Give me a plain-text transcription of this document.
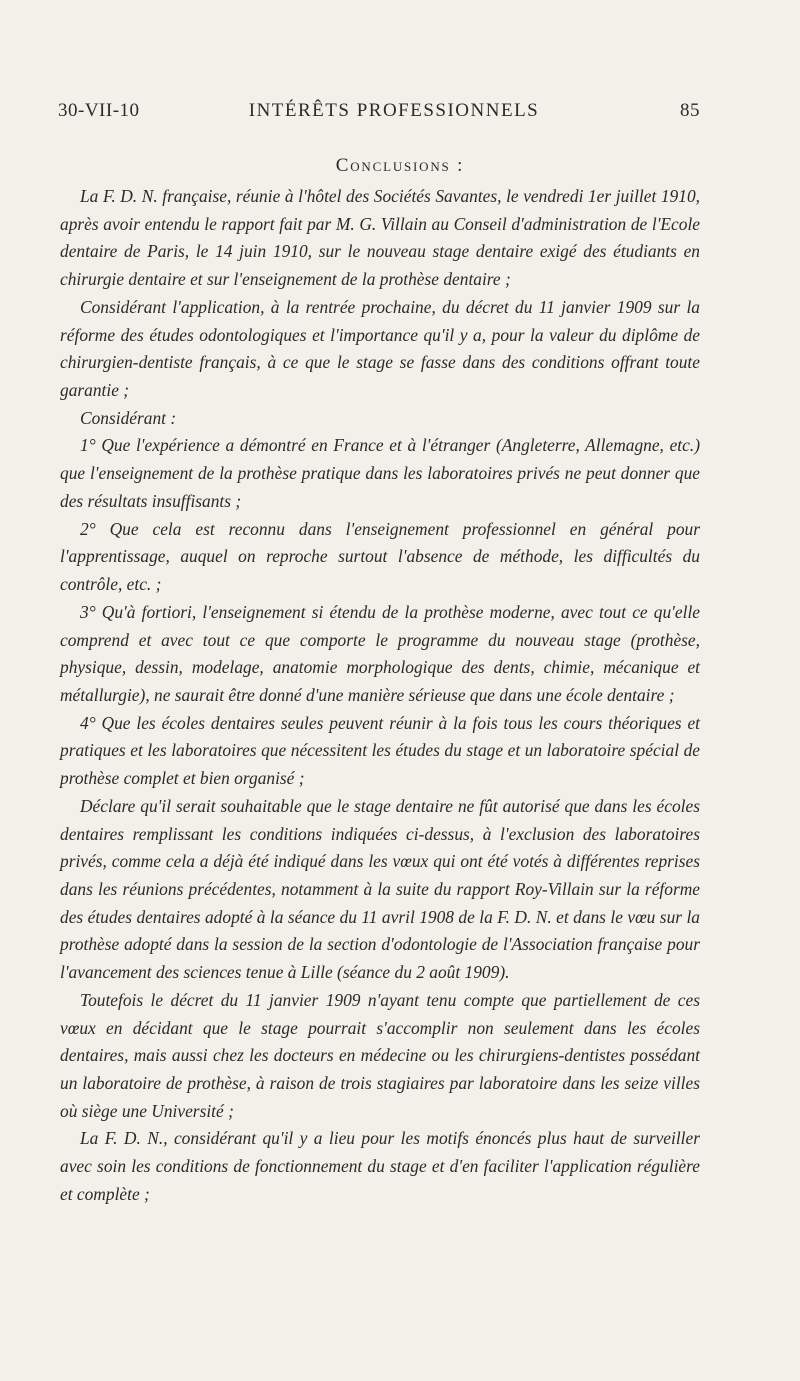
30-VII-10	INTÉRÊTS PROFESSIONNELS	85
Conclusions :

La F. D. N. française, réunie à l'hôtel des Sociétés Savantes, le vendredi 1er juillet 1910, après avoir entendu le rapport fait par M. G. Villain au Conseil d'administration de l'Ecole dentaire de Paris, le 14 juin 1910, sur le nouveau stage dentaire exigé des étudiants en chirurgie dentaire et sur l'enseignement de la prothèse dentaire ;

Considérant l'application, à la rentrée prochaine, du décret du 11 janvier 1909 sur la réforme des études odontologiques et l'importance qu'il y a, pour la valeur du diplôme de chirurgien-dentiste français, à ce que le stage se fasse dans des conditions offrant toute garantie ;

Considérant :

1° Que l'expérience a démontré en France et à l'étranger (Angleterre, Allemagne, etc.) que l'enseignement de la prothèse pratique dans les laboratoires privés ne peut donner que des résultats insuffisants ;

2° Que cela est reconnu dans l'enseignement professionnel en général pour l'apprentissage, auquel on reproche surtout l'absence de méthode, les difficultés du contrôle, etc. ;

3° Qu'à fortiori, l'enseignement si étendu de la prothèse moderne, avec tout ce qu'elle comprend et avec tout ce que comporte le programme du nouveau stage (prothèse, physique, dessin, modelage, anatomie morphologique des dents, chimie, mécanique et métallurgie), ne saurait être donné d'une manière sérieuse que dans une école dentaire ;

4° Que les écoles dentaires seules peuvent réunir à la fois tous les cours théoriques et pratiques et les laboratoires que nécessitent les études du stage et un laboratoire spécial de prothèse complet et bien organisé ;

Déclare qu'il serait souhaitable que le stage dentaire ne fût autorisé que dans les écoles dentaires remplissant les conditions indiquées ci-dessus, à l'exclusion des laboratoires privés, comme cela a déjà été indiqué dans les vœux qui ont été votés à différentes reprises dans les réunions précédentes, notamment à la suite du rapport Roy-Villain sur la réforme des études dentaires adopté à la séance du 11 avril 1908 de la F. D. N. et dans le vœu sur la prothèse adopté dans la session de la section d'odontologie de l'Association française pour l'avancement des sciences tenue à Lille (séance du 2 août 1909).

Toutefois le décret du 11 janvier 1909 n'ayant tenu compte que partiellement de ces vœux en décidant que le stage pourrait s'accomplir non seulement dans les écoles dentaires, mais aussi chez les docteurs en médecine ou les chirurgiens-dentistes possédant un laboratoire de prothèse, à raison de trois stagiaires par laboratoire dans les seize villes où siège une Université ;

La F. D. N., considérant qu'il y a lieu pour les motifs énoncés plus haut de surveiller avec soin les conditions de fonctionnement du stage et d'en faciliter l'application régulière et complète ;
